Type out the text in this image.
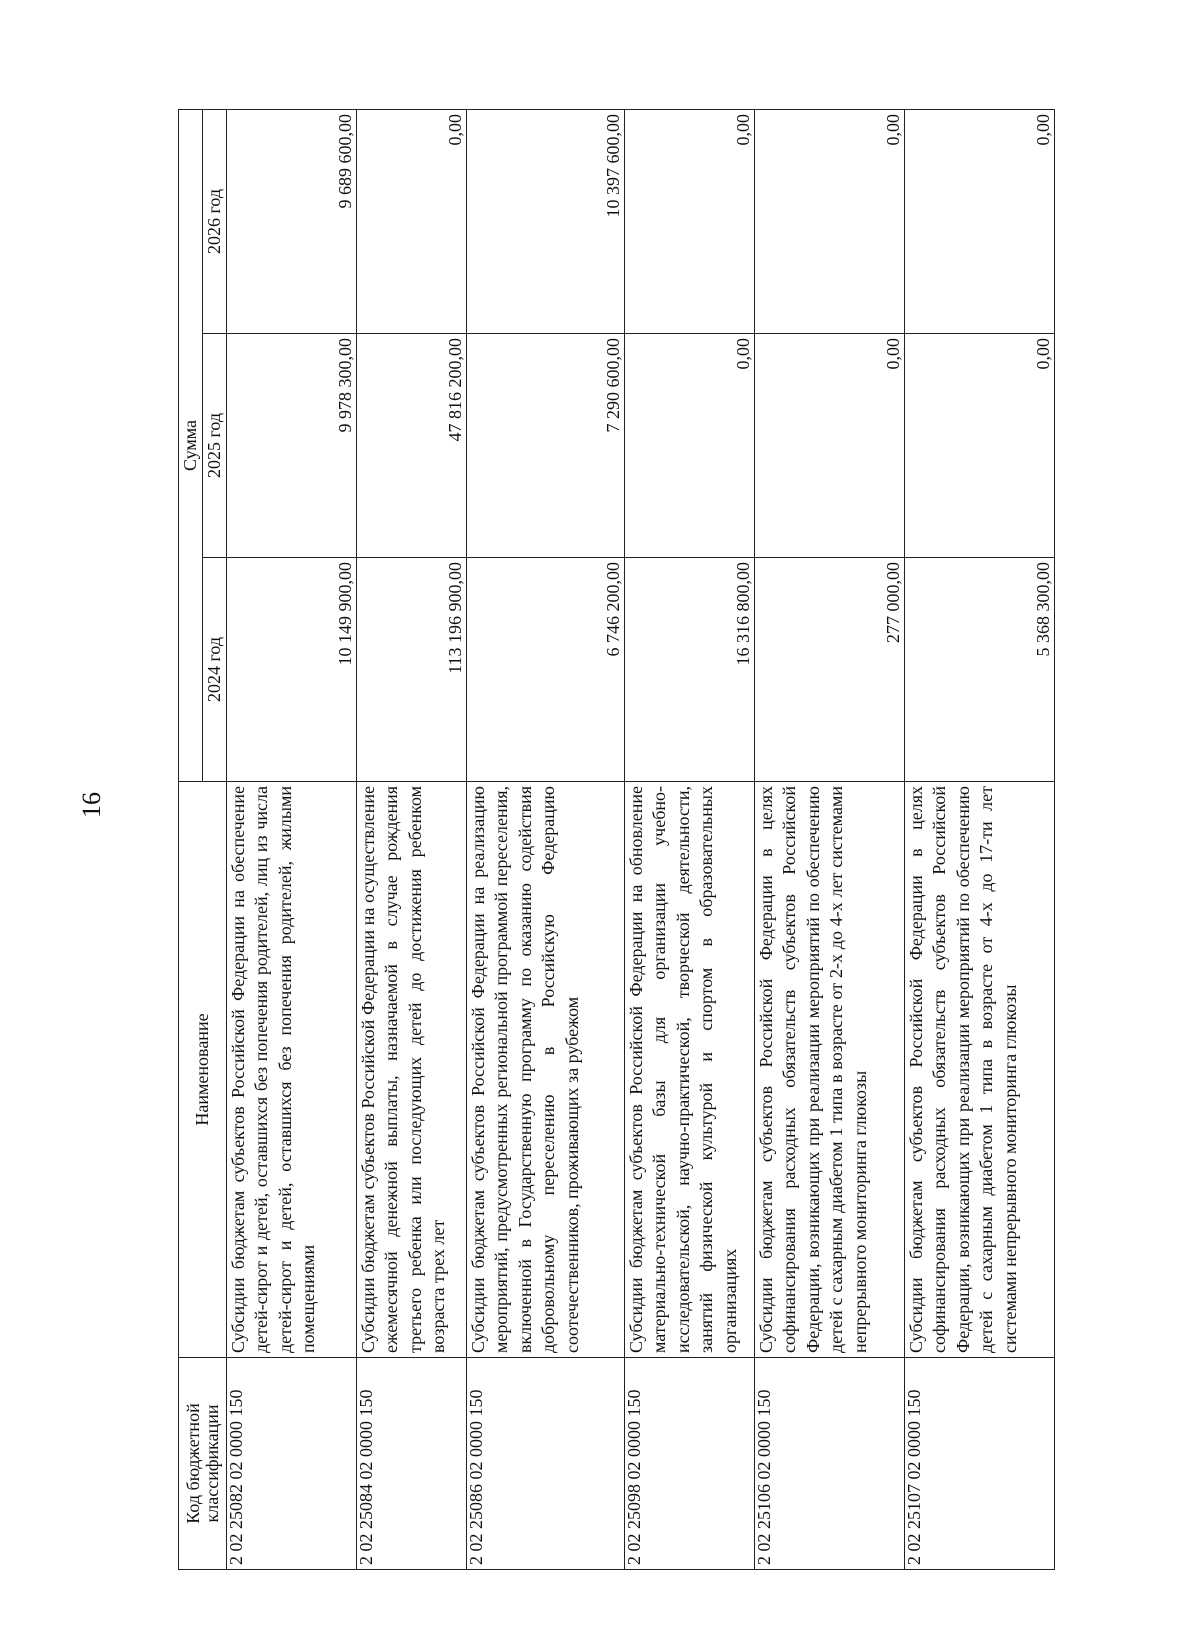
16
Код бюджетной классификации	Наименование	Сумма		
		2024 год	2025 год	2026 год
2 02 25082 02 0000 150	Субсидии бюджетам субъектов Российской Федерации на обеспечение детей-сирот и детей, оставшихся без попечения родителей, лиц из числа детей-сирот и детей, оставшихся без попечения родителей, жилыми помещениями	10 149 900,00	9 978 300,00	9 689 600,00
2 02 25084 02 0000 150	Субсидии бюджетам субъектов Российской Федерации на осуществление ежемесячной денежной выплаты, назначаемой в случае рождения третьего ребенка или последующих детей до достижения ребенком возраста трех лет	113 196 900,00	47 816 200,00	0,00
2 02 25086 02 0000 150	Субсидии бюджетам субъектов Российской Федерации на реализацию мероприятий, предусмотренных региональной программой переселения, включенной в Государственную программу по оказанию содействия добровольному переселению в Российскую Федерацию соотечественников, проживающих за рубежом	6 746 200,00	7 290 600,00	10 397 600,00
2 02 25098 02 0000 150	Субсидии бюджетам субъектов Российской Федерации на обновление материально-технической базы для организации учебно-исследовательской, научно-практической, творческой деятельности, занятий физической культурой и спортом в образовательных организациях	16 316 800,00	0,00	0,00
2 02 25106 02 0000 150	Субсидии бюджетам субъектов Российской Федерации в целях софинансирования расходных обязательств субъектов Российской Федерации, возникающих при реализации мероприятий по обеспечению детей с сахарным диабетом 1 типа в возрасте от 2-х до 4-х лет системами непрерывного мониторинга глюкозы	277 000,00	0,00	0,00
2 02 25107 02 0000 150	Субсидии бюджетам субъектов Российской Федерации в целях софинансирования расходных обязательств субъектов Российской Федерации, возникающих при реализации мероприятий по обеспечению детей с сахарным диабетом 1 типа в возрасте от 4-х до 17-ти лет системами непрерывного мониторинга глюкозы	5 368 300,00	0,00	0,00
